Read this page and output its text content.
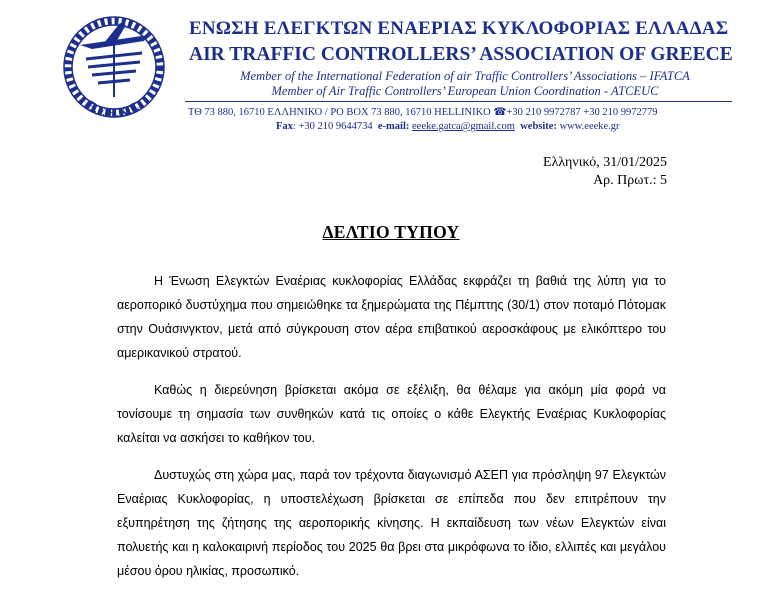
E.E.E.K.E.
ΕΝΩΣΗ ΕΛΕΓΚΤΩΝ ΕΝΑΕΡΙΑΣ ΚΥΚΛΟΦΟΡΙΑΣ ΕΛΛΑΔΑΣ
AIR TRAFFIC CONTROLLERS’ ASSOCIATION OF GREECE
Member of the International Federation of air Traffic Controllers’ Associations – IFATCA
Member of Air Traffic Controllers’ European Union Coordination - ATCEUC
ΤΘ 73 880, 16710 ΕΛΛΗΝΙΚΟ / PO BOX 73 880, 16710 HELLINIKO ☎+30 210 9972787 +30 210 9972779
Fax: +30 210 9644734 e-mail: eeeke.gatca@gmail.com website: www.eeeke.gr
Ελληνικό, 31/01/2025
Αρ. Πρωτ.: 5
ΔΕΛΤΙΟ ΤΥΠΟΥ

Η Ένωση Ελεγκτών Εναέριας κυκλοφορίας Ελλάδας εκφράζει τη βαθιά της λύπη για το αεροπορικό δυστύχημα που σημειώθηκε τα ξημερώματα της Πέμπτης (30/1) στον ποταμό Πότομακ στην Ουάσινγκτον, μετά από σύγκρουση στον αέρα επιβατικού αεροσκάφους με ελικόπτερο του αμερικανικού στρατού.

Καθώς η διερεύνηση βρίσκεται ακόμα σε εξέλιξη, θα θέλαμε για ακόμη μία φορά να τονίσουμε τη σημασία των συνθηκών κατά τις οποίες ο κάθε Ελεγκτής Εναέριας Κυκλοφορίας καλείται να ασκήσει το καθήκον του.

Δυστυχώς στη χώρα μας, παρά τον τρέχοντα διαγωνισμό ΑΣΕΠ για πρόσληψη 97 Ελεγκτών Εναέριας Κυκλοφορίας, η υποστελέχωση βρίσκεται σε επίπεδα που δεν επιτρέπουν την εξυπηρέτηση της ζήτησης της αεροπορικής κίνησης. Η εκπαίδευση των νέων Ελεγκτών είναι πολυετής και η καλοκαιρινή περίοδος του 2025 θα βρει στα μικρόφωνα το ίδιο, ελλιπές και μεγάλου μέσου όρου ηλικίας, προσωπικό.
